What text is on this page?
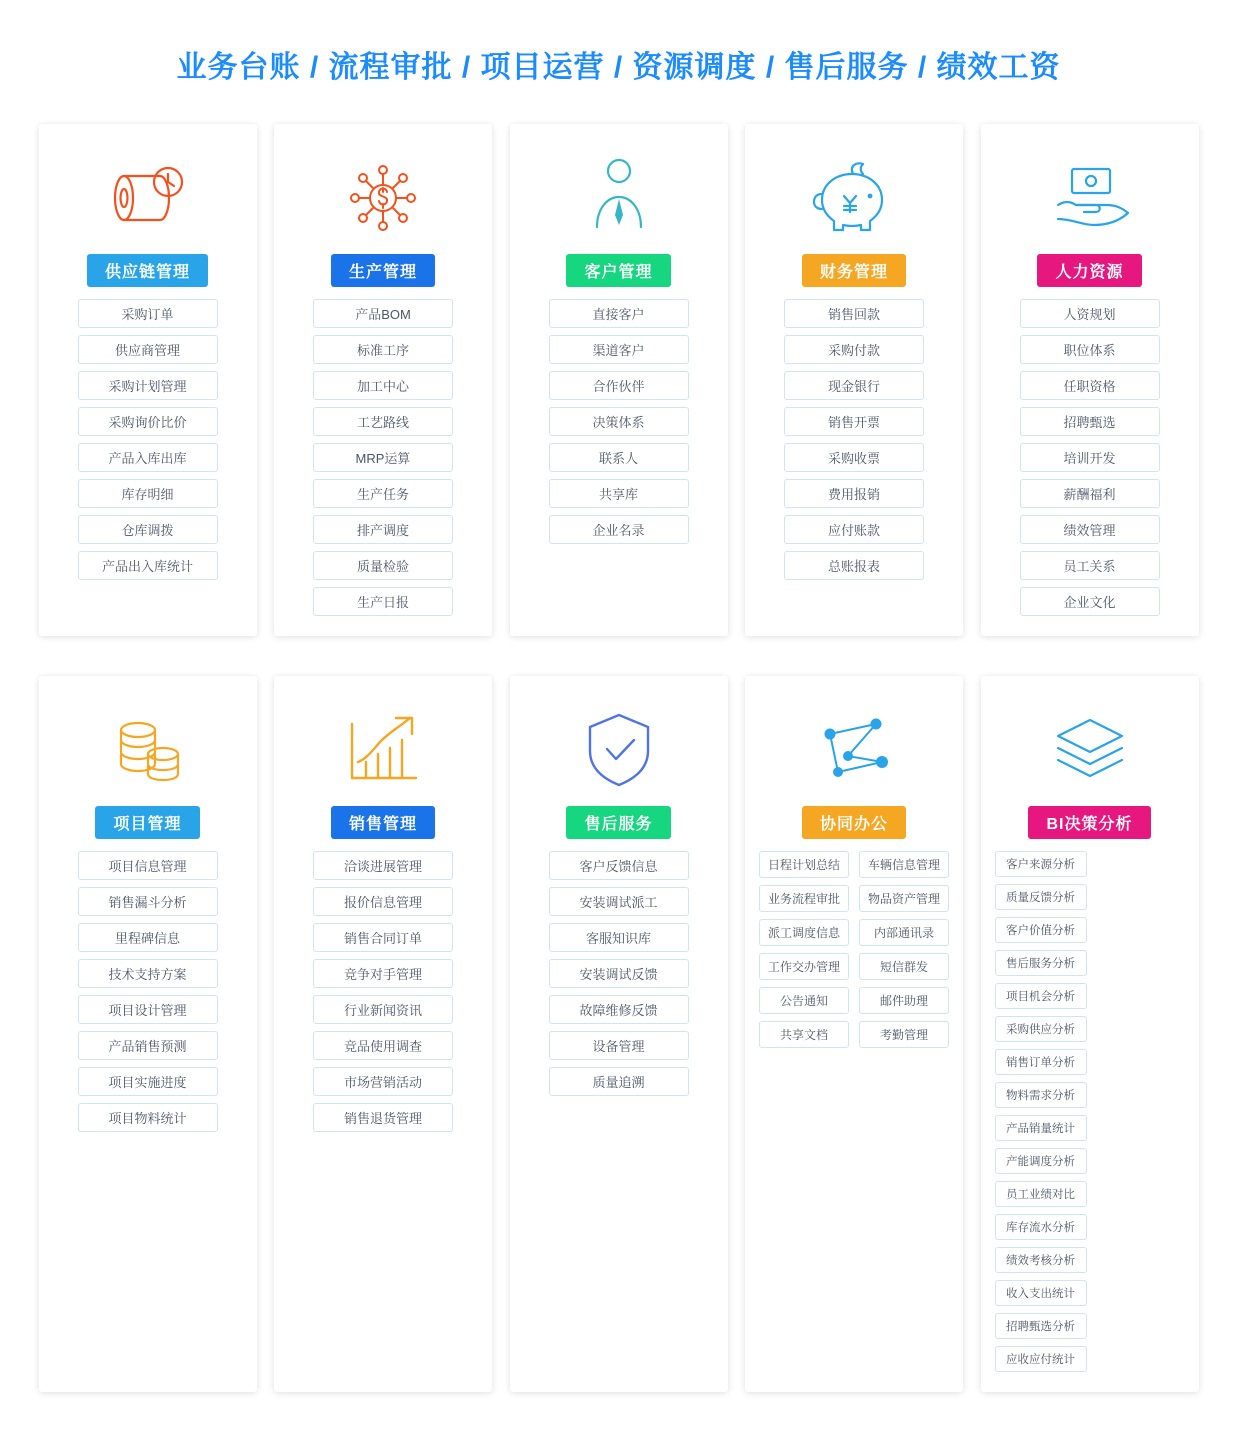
业务台账 / 流程审批 / 项目运营 / 资源调度 / 售后服务 / 绩效工资
供应链管理
采购订单
供应商管理
采购计划管理
采购询价比价
产品入库出库
库存明细
仓库调拨
产品出入库统计
生产管理
产品BOM
标准工序
加工中心
工艺路线
MRP运算
生产任务
排产调度
质量检验
生产日报
客户管理
直接客户
渠道客户
合作伙伴
决策体系
联系人
共享库
企业名录
财务管理
销售回款
采购付款
现金银行
销售开票
采购收票
费用报销
应付账款
总账报表
人力资源
人资规划
职位体系
任职资格
招聘甄选
培训开发
薪酬福利
绩效管理
员工关系
企业文化
项目管理
项目信息管理
销售漏斗分析
里程碑信息
技术支持方案
项目设计管理
产品销售预测
项目实施进度
项目物料统计
销售管理
洽谈进展管理
报价信息管理
销售合同订单
竞争对手管理
行业新闻资讯
竞品使用调查
市场营销活动
销售退货管理
售后服务
客户反馈信息
安装调试派工
客服知识库
安装调试反馈
故障维修反馈
设备管理
质量追溯
协同办公
日程计划总结	车辆信息管理
业务流程审批	物品资产管理
派工调度信息	内部通讯录
工作交办管理	短信群发
公告通知	邮件助理
共享文档	考勤管理
BI决策分析
客户来源分析
质量反馈分析
客户价值分析
售后服务分析
项目机会分析
采购供应分析
销售订单分析
物料需求分析
产品销量统计
产能调度分析
员工业绩对比
库存流水分析
绩效考核分析
收入支出统计
招聘甄选分析
应收应付统计
